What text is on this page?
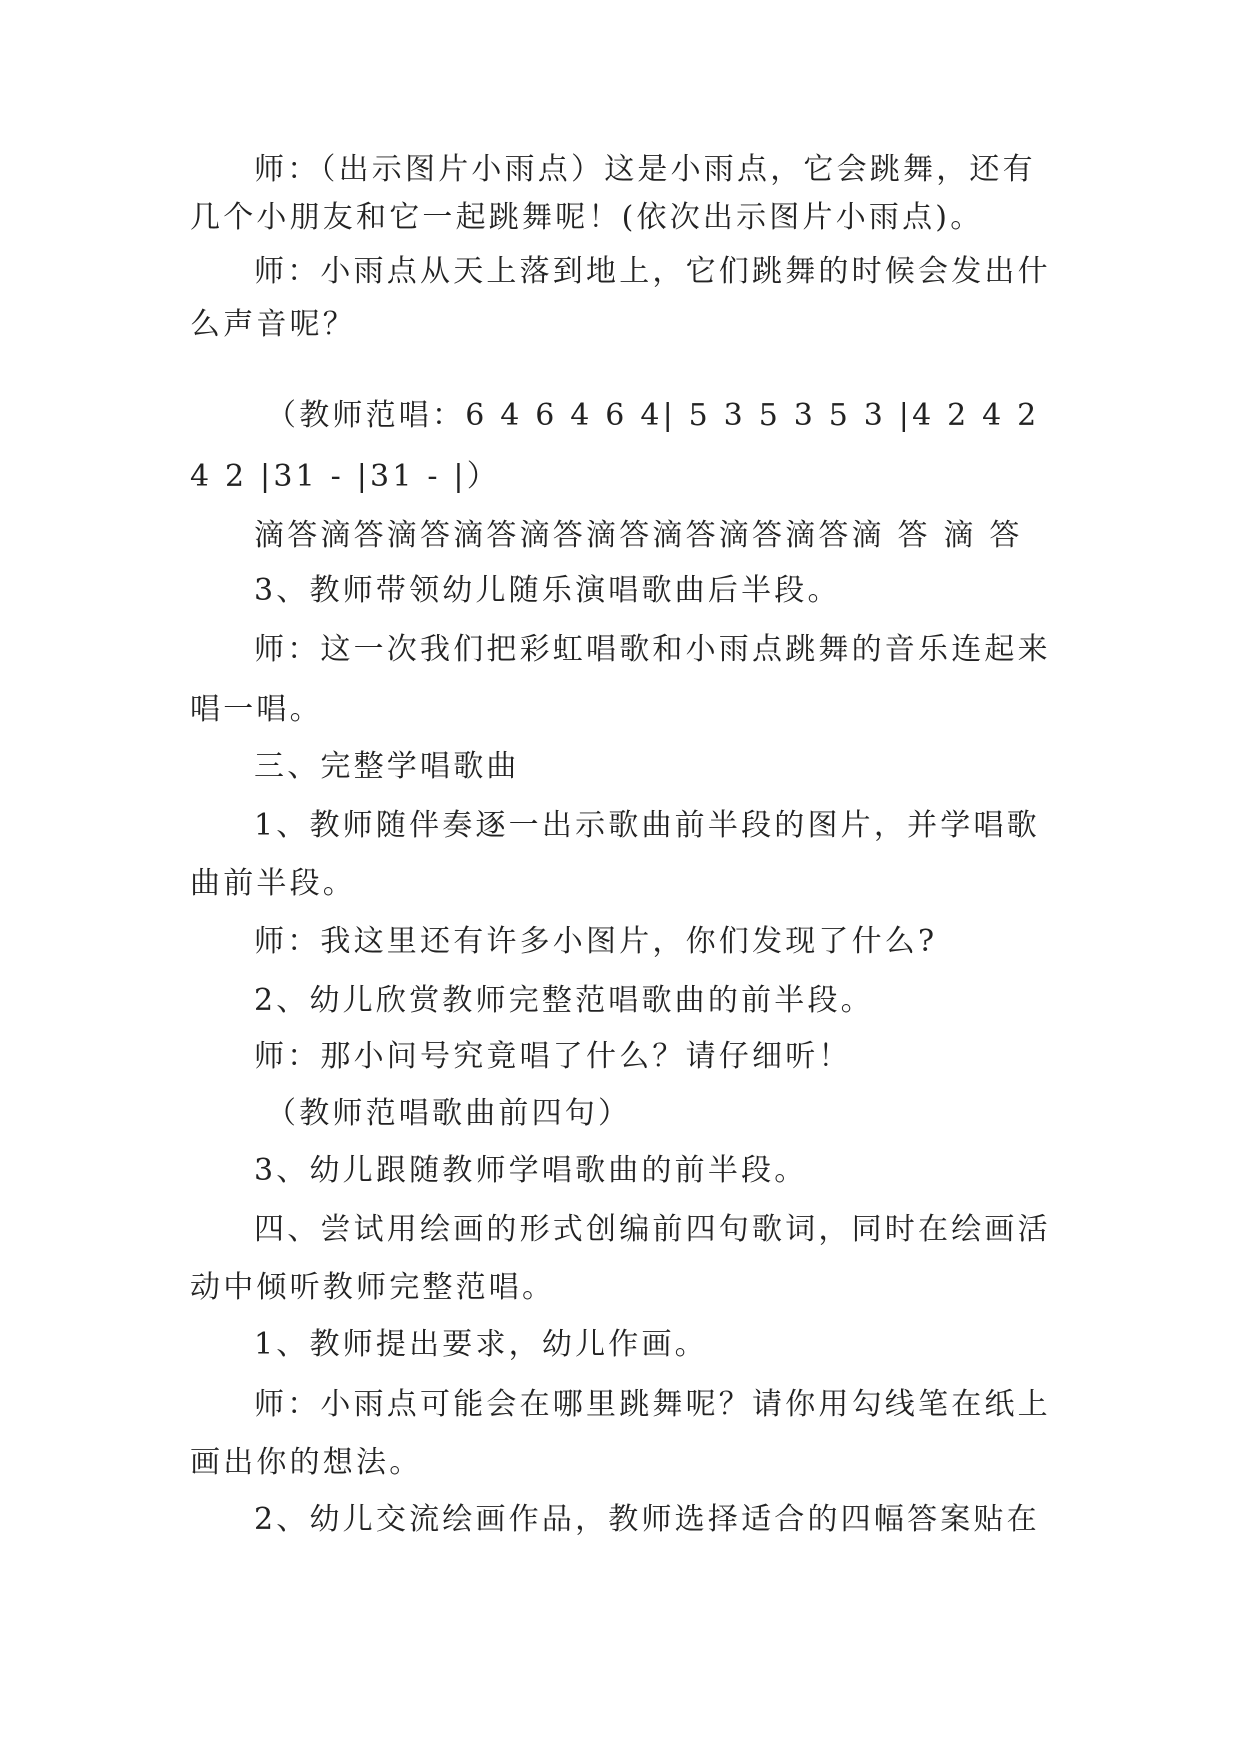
师：（出示图片小雨点）这是小雨点，它会跳舞，还有
几个小朋友和它一起跳舞呢！(依次出示图片小雨点)。
师：小雨点从天上落到地上，它们跳舞的时候会发出什
么声音呢？
（教师范唱：6 4 6 4 6 4| 5 3 5 3 5 3 |4 2 4 2
4 2 |31 - |31 - |）
滴答滴答滴答滴答滴答滴答滴答滴答滴答滴 答 滴 答
3、教师带领幼儿随乐演唱歌曲后半段。
师：这一次我们把彩虹唱歌和小雨点跳舞的音乐连起来
唱一唱。
三、完整学唱歌曲
1、教师随伴奏逐一出示歌曲前半段的图片，并学唱歌
曲前半段。
师：我这里还有许多小图片，你们发现了什么?
2、幼儿欣赏教师完整范唱歌曲的前半段。
师：那小问号究竟唱了什么？请仔细听！
（教师范唱歌曲前四句）
3、幼儿跟随教师学唱歌曲的前半段。
四、尝试用绘画的形式创编前四句歌词，同时在绘画活
动中倾听教师完整范唱。
1、教师提出要求，幼儿作画。
师：小雨点可能会在哪里跳舞呢？请你用勾线笔在纸上
画出你的想法。
2、幼儿交流绘画作品，教师选择适合的四幅答案贴在
